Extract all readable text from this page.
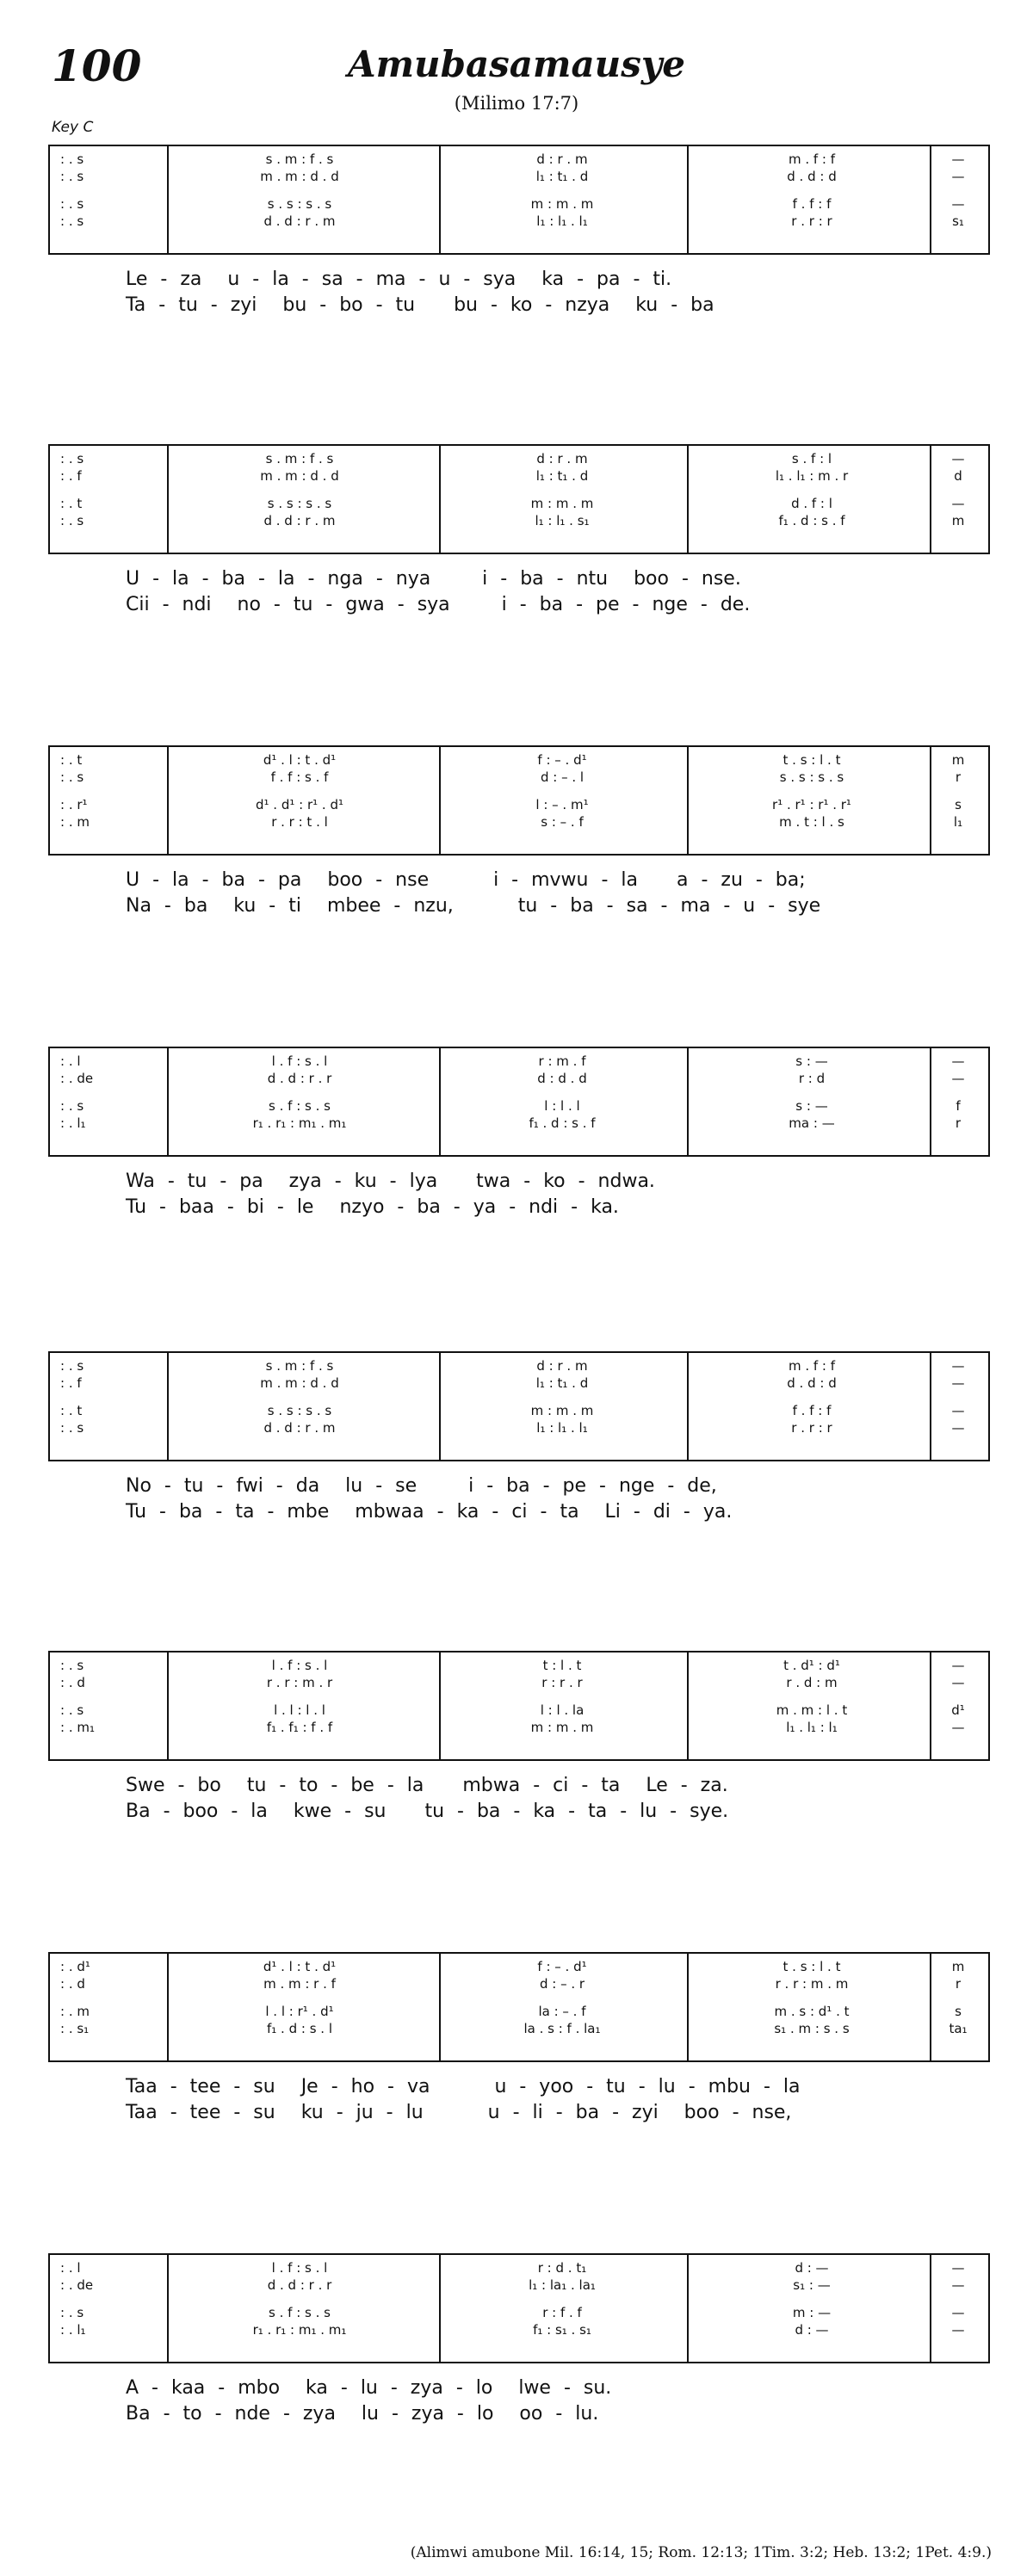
100	Amubasamausye
(Milimo 17:7)
Key C
: . s	s . m : f . s	d : r . m	m . f : f	—
: . s	m . m : d . d	l₁ : t₁ . d	d . d : d	—
: . s	s . s : s . s	m : m . m	f . f : f	—
: . s	d . d : r . m	l₁ : l₁ . l₁	r . r : r	s₁
Le - za  u - la - sa - ma - u - sya  ka - pa - ti.
Ta - tu - zyi  bu - bo - tu   bu - ko - nzya  ku - ba
: . s	s . m : f . s	d : r . m	s . f : l	—
: . f	m . m : d . d	l₁ : t₁ . d	l₁ . l₁ : m . r	d
: . t	s . s : s . s	m : m . m	d . f : l	—
: . s	d . d : r . m	l₁ : l₁ . s₁	f₁ . d : s . f	m
U - la - ba - la - nga - nya    i - ba - ntu  boo - nse.
Cii - ndi  no - tu - gwa - sya    i - ba - pe - nge - de.
: . t	d¹ . l : t . d¹	f : – . d¹	t . s : l . t	m
: . s	f . f : s . f	d : – . l	s . s : s . s	r
: . r¹	d¹ . d¹ : r¹ . d¹	l : – . m¹	r¹ . r¹ : r¹ . r¹	s
: . m	r . r : t . l	s : – . f	m . t : l . s	l₁
U - la - ba - pa  boo - nse     i - mvwu - la   a - zu - ba;
Na - ba  ku - ti  mbee - nzu,     tu - ba - sa - ma - u - sye
: . l	l . f : s . l	r : m . f	s : —	—
: . de	d . d : r . r	d : d . d	r : d	—
: . s	s . f : s . s	l : l . l	s : —	f
: . l₁	r₁ . r₁ : m₁ . m₁	f₁ . d : s . f	ma : —	r
Wa - tu - pa  zya - ku - lya   twa - ko - ndwa.
Tu - baa - bi - le  nzyo - ba - ya - ndi - ka.
: . s	s . m : f . s	d : r . m	m . f : f	—
: . f	m . m : d . d	l₁ : t₁ . d	d . d : d	—
: . t	s . s : s . s	m : m . m	f . f : f	—
: . s	d . d : r . m	l₁ : l₁ . l₁	r . r : r	—
No - tu - fwi - da  lu - se    i - ba - pe - nge - de,
Tu - ba - ta - mbe  mbwaa - ka - ci - ta  Li - di - ya.
: . s	l . f : s . l	t : l . t	t . d¹ : d¹	—
: . d	r . r : m . r	r : r . r	r . d : m	—
: . s	l . l : l . l	l : l . la	m . m : l . t	d¹
: . m₁	f₁ . f₁ : f . f	m : m . m	l₁ . l₁ : l₁	—
Swe - bo  tu - to - be - la   mbwa - ci - ta  Le - za.
Ba - boo - la  kwe - su   tu - ba - ka - ta - lu - sye.
: . d¹	d¹ . l : t . d¹	f : – . d¹	t . s : l . t	m
: . d	m . m : r . f	d : – . r	r . r : m . m	r
: . m	l . l : r¹ . d¹	la : – . f	m . s : d¹ . t	s
: . s₁	f₁ . d : s . l	la . s : f . la₁	s₁ . m : s . s	ta₁
Taa - tee - su  Je - ho - va     u - yoo - tu - lu - mbu - la
Taa - tee - su  ku - ju - lu     u - li - ba - zyi  boo - nse,
: . l	l . f : s . l	r : d . t₁	d : —	—
: . de	d . d : r . r	l₁ : la₁ . la₁	s₁ : —	—
: . s	s . f : s . s	r : f . f	m : —	—
: . l₁	r₁ . r₁ : m₁ . m₁	f₁ : s₁ . s₁	d : —	—
A - kaa - mbo  ka - lu - zya - lo  lwe - su.
Ba - to - nde - zya  lu - zya - lo  oo - lu.
(Alimwi amubone Mil. 16:14, 15; Rom. 12:13; 1Tim. 3:2; Heb. 13:2; 1Pet. 4:9.)
